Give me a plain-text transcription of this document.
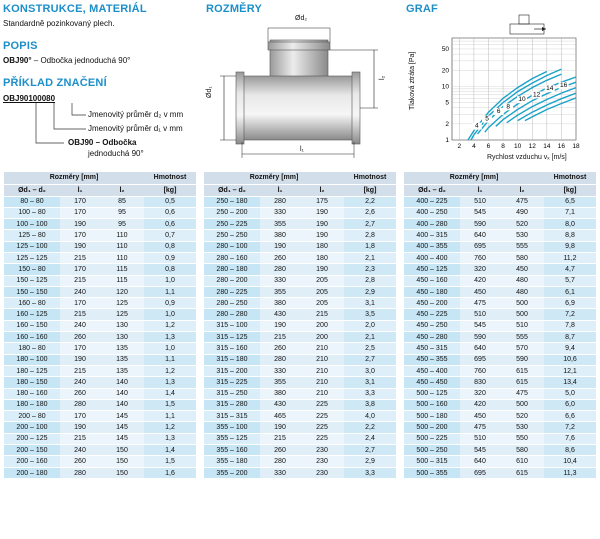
KONSTRUKCE, MATERIÁL
Standardně pozinkovaný plech.
POPIS
OBJ90° – Odbočka jednoduchá 90°
PŘÍKLAD ZNAČENÍ
OBJ90100080
Jmenovitý průměr d₂ v mm
Jmenovitý průměr d₁ v mm
OBJ90 – Odbočka
jednoduchá 90°
ROZMĚRY
Ød₂
Ød₁
l₂
l₁
GRAF
2 4 6 8 10 12 14 16 18
1
2
5
10
20
50
4
5
6
8
10
12
14 16
Tlaková ztráta [Pa]
Rychlost vzduchu vₓ [m/s]
Rozměry [mm]			Hmotnost
Ød₁ – d₂	l₁	l₂	[kg]
80 – 80	170	85	0,5
100 – 80	170	95	0,6
100 – 100	190	95	0,6
125 – 80	170	110	0,7
125 – 100	190	110	0,8
125 – 125	215	110	0,9
150 – 80	170	115	0,8
150 – 125	215	115	1,0
150 – 150	240	120	1,1
160 – 80	170	125	0,9
160 – 125	215	125	1,0
160 – 150	240	130	1,2
160 – 160	260	130	1,3
180 – 80	170	135	1,0
180 – 100	190	135	1,1
180 – 125	215	135	1,2
180 – 150	240	140	1,3
180 – 160	260	140	1,4
180 – 180	280	140	1,5
200 – 80	170	145	1,1
200 – 100	190	145	1,2
200 – 125	215	145	1,3
200 – 150	240	150	1,4
200 – 160	260	150	1,5
200 – 180	280	150	1,6
Rozměry [mm]			Hmotnost
Ød₁ – d₂	l₁	l₂	[kg]
250 – 180	280	175	2,2
250 – 200	330	190	2,6
250 – 225	355	190	2,7
250 – 250	380	190	2,8
280 – 100	190	180	1,8
280 – 160	260	180	2,1
280 – 180	280	190	2,3
280 – 200	330	205	2,8
280 – 225	355	205	2,9
280 – 250	380	205	3,1
280 – 280	430	215	3,5
315 – 100	190	200	2,0
315 – 125	215	200	2,1
315 – 160	260	210	2,5
315 – 180	280	210	2,7
315 – 200	330	210	3,0
315 – 225	355	210	3,1
315 – 250	380	210	3,3
315 – 280	430	225	3,8
315 – 315	465	225	4,0
355 – 100	190	225	2,2
355 – 125	215	225	2,4
355 – 160	260	230	2,7
355 – 180	280	230	2,9
355 – 200	330	230	3,3
Rozměry [mm]			Hmotnost
Ød₁ – d₂	l₁	l₂	[kg]
400 – 225	510	475	6,5
400 – 250	545	490	7,1
400 – 280	590	520	8,0
400 – 315	640	530	8,8
400 – 355	695	555	9,8
400 – 400	760	580	11,2
450 – 125	320	450	4,7
450 – 160	420	480	5,7
450 – 180	450	480	6,1
450 – 200	475	500	6,9
450 – 225	510	500	7,2
450 – 250	545	510	7,8
450 – 280	590	555	8,7
450 – 315	640	570	9,4
450 – 355	695	590	10,6
450 – 400	760	615	12,1
450 – 450	830	615	13,4
500 – 125	320	475	5,0
500 – 160	420	500	6,0
500 – 180	450	520	6,6
500 – 200	475	530	7,2
500 – 225	510	550	7,6
500 – 250	545	580	8,6
500 – 315	640	610	10,4
500 – 355	695	615	11,3
